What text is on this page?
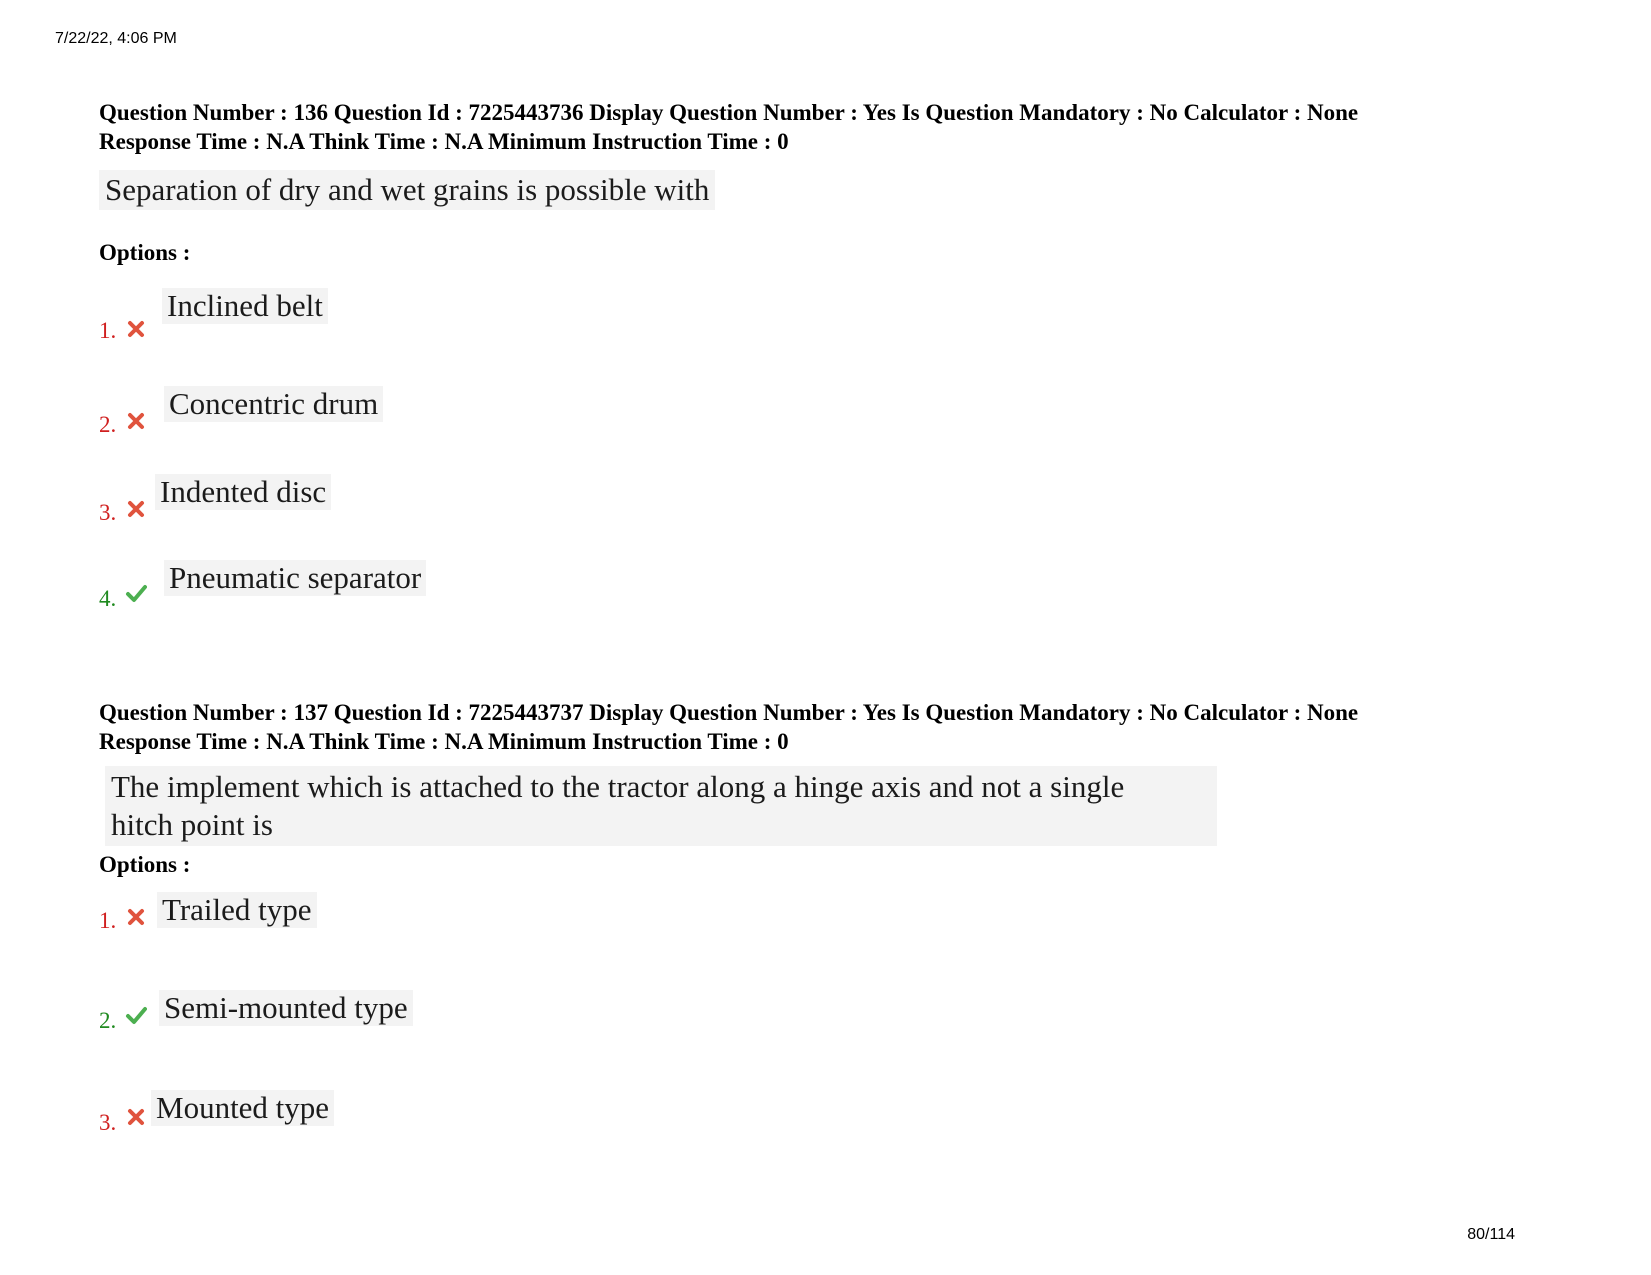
7/22/22, 4:06 PM
Question Number : 136 Question Id : 7225443736 Display Question Number : Yes Is Question Mandatory : No Calculator : None
Response Time : N.A Think Time : N.A Minimum Instruction Time : 0
Separation of dry and wet grains is possible with
Options :
1.
Inclined belt
2.
Concentric drum
3.
Indented disc
4.
Pneumatic separator
Question Number : 137 Question Id : 7225443737 Display Question Number : Yes Is Question Mandatory : No Calculator : None
Response Time : N.A Think Time : N.A Minimum Instruction Time : 0
The implement which is attached to the tractor along a hinge axis and not a single
hitch point is
Options :
1. Trailed type
2. Semi-mounted type
3. Mounted type
80/114
